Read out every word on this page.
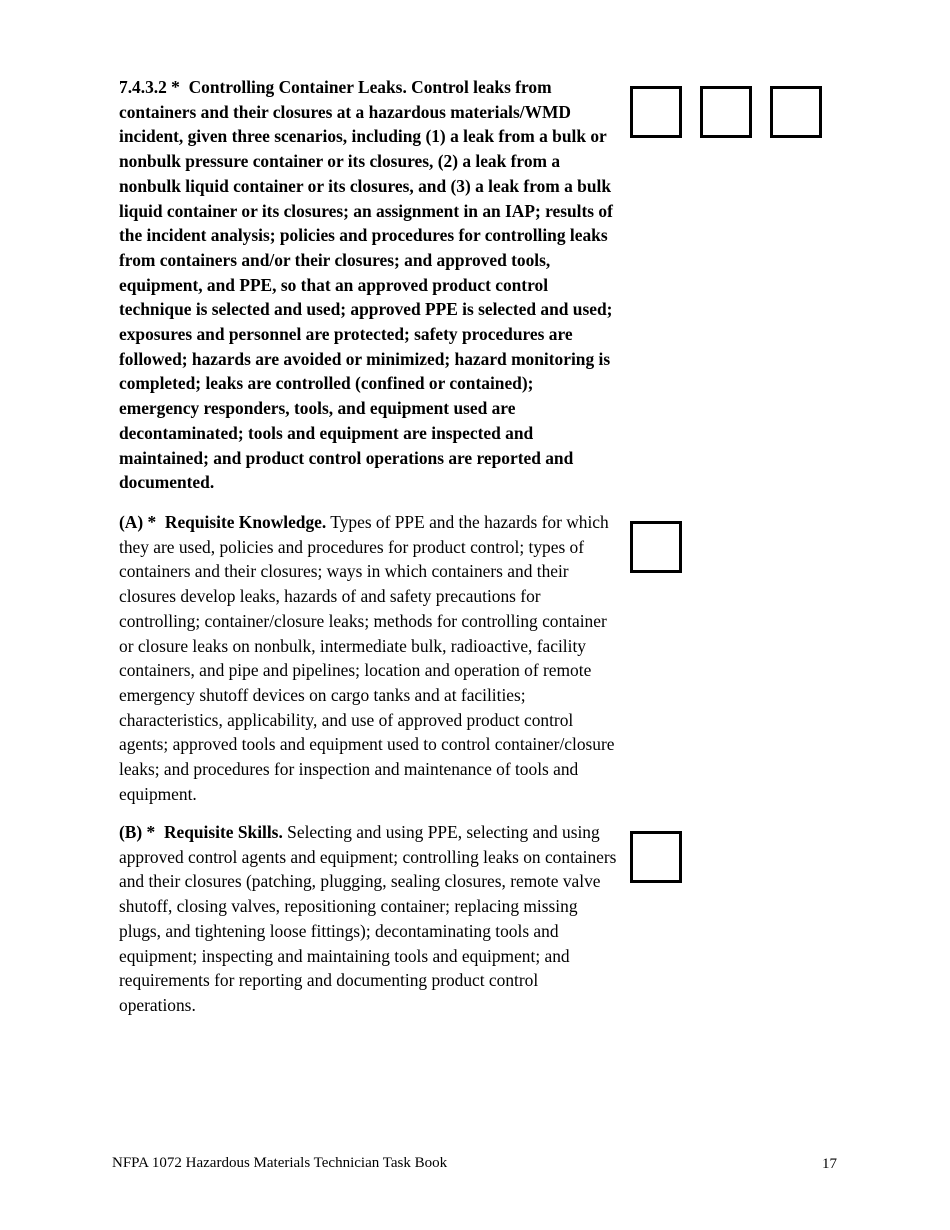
7.4.3.2 * Controlling Container Leaks. Control leaks from containers and their closures at a hazardous materials/WMD incident, given three scenarios, including (1) a leak from a bulk or nonbulk pressure container or its closures, (2) a leak from a nonbulk liquid container or its closures, and (3) a leak from a bulk liquid container or its closures; an assignment in an IAP; results of the incident analysis; policies and procedures for controlling leaks from containers and/or their closures; and approved tools, equipment, and PPE, so that an approved product control technique is selected and used; approved PPE is selected and used; exposures and personnel are protected; safety procedures are followed; hazards are avoided or minimized; hazard monitoring is completed; leaks are controlled (confined or contained); emergency responders, tools, and equipment used are decontaminated; tools and equipment are inspected and maintained; and product control operations are reported and documented.

(A) * Requisite Knowledge. Types of PPE and the hazards for which they are used, policies and procedures for product control; types of containers and their closures; ways in which containers and their closures develop leaks, hazards of and safety precautions for controlling; container/closure leaks; methods for controlling container or closure leaks on nonbulk, intermediate bulk, radioactive, facility containers, and pipe and pipelines; location and operation of remote emergency shutoff devices on cargo tanks and at facilities; characteristics, applicability, and use of approved product control agents; approved tools and equipment used to control container/closure leaks; and procedures for inspection and maintenance of tools and equipment.

(B) * Requisite Skills. Selecting and using PPE, selecting and using approved control agents and equipment; controlling leaks on containers and their closures (patching, plugging, sealing closures, remote valve shutoff, closing valves, repositioning container; replacing missing plugs, and tightening loose fittings); decontaminating tools and equipment; inspecting and maintaining tools and equipment; and requirements for reporting and documenting product control operations.

NFPA 1072 Hazardous Materials Technician Task Book	17
